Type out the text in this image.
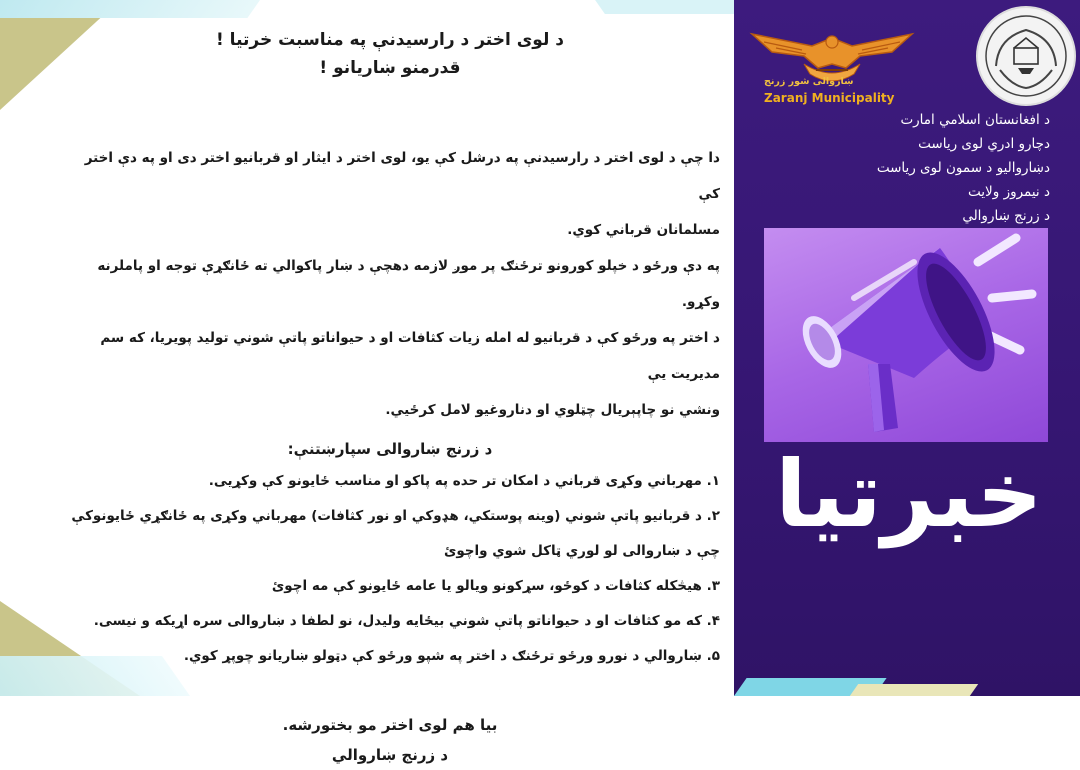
د لوی اختر د رارسیدنې په مناسبت خرتیا !

قدرمنو ښاریانو !

دا چې د لوی اختر د رارسیدنې په درشل کې یو، لوی اختر د ایثار او قربانیو اختر دی او په دې اختر کې

مسلمانان قرباني کوي.

په دې ورځو د خپلو کورونو ترځنګ پر موږ لازمه دهچې د ښار پاکوالي ته ځانګړې توجه او پاملرنه وکړو.

د اختر په ورځو کې د قربانیو له امله زیات کثافات او د حیواناتو پاتې شوني تولید پویریا، که سم مدیریت یې

ونشي نو چاپېریال چټلوي او دناروغیو لامل کرځيي.

د زرنج ښاروالی سپارښتنې:

۱. مهرباني وکړی قرباني د امکان تر حده په پاکو او مناسب ځایونو کې وکړيی.

۲. د قربانیو پاتې شوني (وینه پوستکي، هډوکي او نور کثافات) مهرباني وکړی په ځانګړي ځایونوکې

چې د ښاروالی لو لوري ټاکل شوي واچوئ

۳. هیڅکله کثافات د کوځو، سړکونو ویالو یا عامه ځایونو کې مه اچوئ

۴. که مو کثافات او د حیواناتو پاتې شوني بیځایه ولیدل، نو لطفا د ښاروالی سره اړیکه و نیسی.

۵. ښاروالي د نورو ورځو ترځنګ د اختر په شپو ورځو کې دټولو ښاریانو چوپړ کوي.

بیا هم لوی اختر مو بختورشه.

د زرنج ښاروالي

ښاروالی شور زرنج
Zaranj Municipality
د افغانستان اسلامي امارت
دچارو ادري لوی ریاست
دښاروالیو د سمون لوی ریاست
د نیمروز ولایت
د زرنج ښاروالي
خبرتیا
